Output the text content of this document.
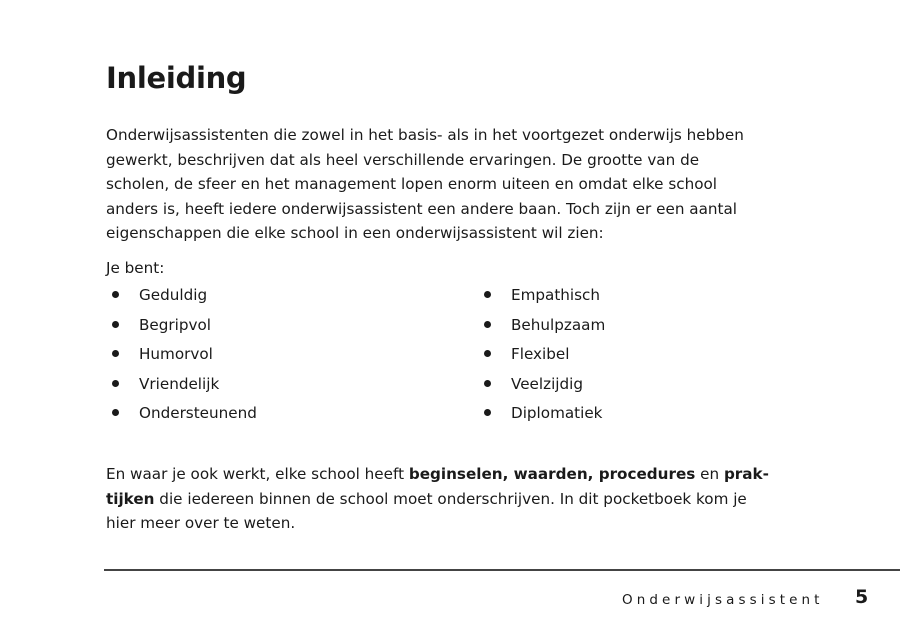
Inleiding

Onderwijsassistenten die zowel in het basis- als in het voortgezet onderwijs hebben
gewerkt, beschrijven dat als heel verschillende ervaringen. De grootte van de
scholen, de sfeer en het management lopen enorm uiteen en omdat elke school
anders is, heeft iedere onderwijsassistent een andere baan. Toch zijn er een aantal
eigenschappen die elke school in een onderwijsassistent wil zien:

Je bent:

Geduldig
Begripvol
Humorvol
Vriendelijk
Ondersteunend
Empathisch
Behulpzaam
Flexibel
Veelzijdig
Diplomatiek

En waar je ook werkt, elke school heeft beginselen, waarden, procedures en prak-
tijken die iedereen binnen de school moet onderschrijven. In dit pocketboek kom je
hier meer over te weten.

Onderwijsassistent 5
